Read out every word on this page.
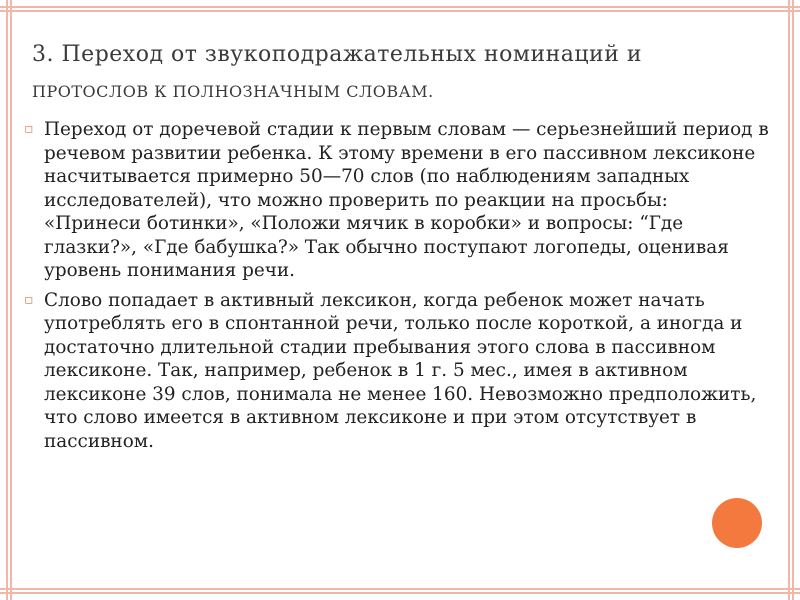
3. Переход от звукоподражательных номинаций и
ПРОТОСЛОВ К ПОЛНОЗНАЧНЫМ СЛОВАМ.

▫ Переход от доречевой стадии к первым словам — серьезнейший период в речевом развитии ребенка. К этому времени в его пассивном лексиконе насчитывается примерно 50—70 слов (по наблюдениям западных исследователей), что можно проверить по реакции на просьбы: «Принеси ботинки», «Положи мячик в коробки» и вопросы: “Где глазки?», «Где бабушка?» Так обычно поступают логопеды, оценивая уровень понимания речи.

▫ Слово попадает в активный лексикон, когда ребенок может начать употреблять его в спонтанной речи, только после короткой, а иногда и достаточно длительной стадии пребывания этого слова в пассивном лексиконе. Так, например, ребенок в 1 г. 5 мес., имея в активном лексиконе 39 слов, понимала не менее 160. Невозможно предположить, что слово имеется в активном лексиконе и при этом отсутствует в пассивном.
